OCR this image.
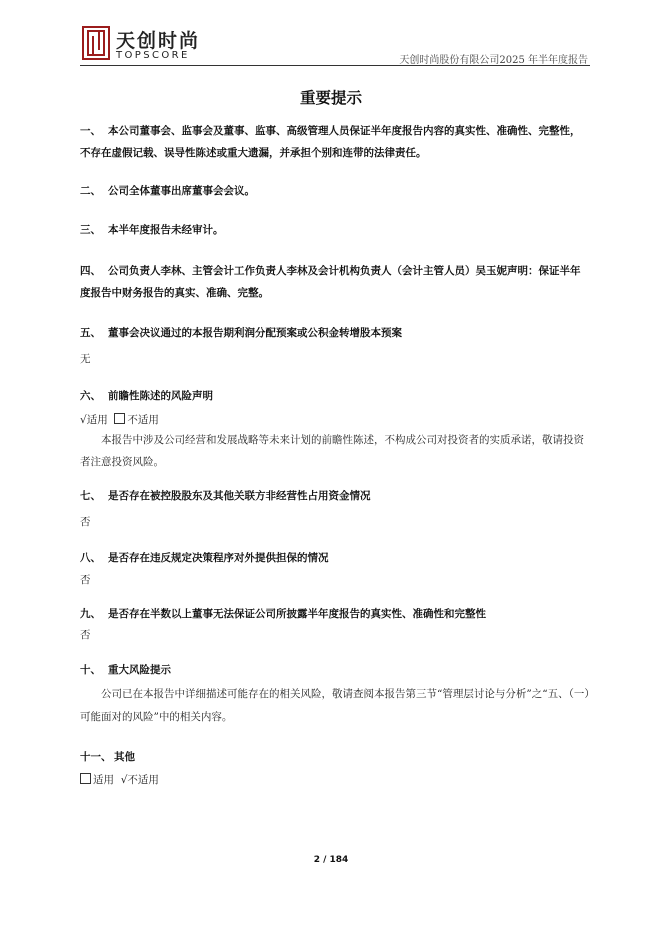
天创时尚
TOPSCORE	天创时尚股份有限公司2025 年半年度报告
重要提示
一、 本公司董事会、监事会及董事、监事、高级管理人员保证半年度报告内容的真实性、准确性、完整性，不存在虚假记载、误导性陈述或重大遗漏，并承担个别和连带的法律责任。
二、 公司全体董事出席董事会会议。
三、 本半年度报告未经审计。
四、 公司负责人李林、主管会计工作负责人李林及会计机构负责人（会计主管人员）吴玉妮声明：保证半年度报告中财务报告的真实、准确、完整。
五、 董事会决议通过的本报告期利润分配预案或公积金转增股本预案
无
六、 前瞻性陈述的风险声明
√适用 不适用
本报告中涉及公司经营和发展战略等未来计划的前瞻性陈述，不构成公司对投资者的实质承诺，敬请投资者注意投资风险。
七、 是否存在被控股股东及其他关联方非经营性占用资金情况
否
八、 是否存在违反规定决策程序对外提供担保的情况
否
九、 是否存在半数以上董事无法保证公司所披露半年度报告的真实性、准确性和完整性
否
十、 重大风险提示
公司已在本报告中详细描述可能存在的相关风险，敬请查阅本报告第三节“管理层讨论与分析”之“五、（一）可能面对的风险”中的相关内容。
十一、 其他
适用 √不适用
2 / 184
